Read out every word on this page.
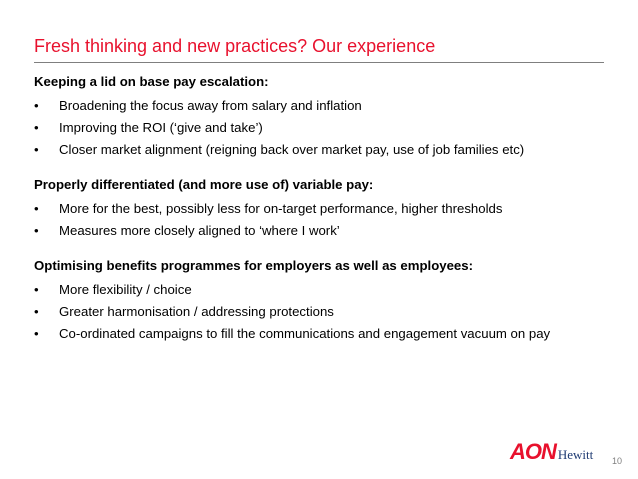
Fresh thinking and new practices? Our experience
Keeping a lid on base pay escalation:
•	Broadening the focus away from salary and inflation
•	Improving the ROI (‘give and take’)
•	Closer market alignment (reigning back over market pay, use of job families etc)
Properly differentiated (and more use of) variable pay:
•	More for the best, possibly less for on-target performance, higher thresholds
•	Measures more closely aligned to ‘where I work’
Optimising benefits programmes for employers as well as employees:
•	More flexibility / choice
•	Greater harmonisation / addressing protections
•	Co-ordinated campaigns to fill the communications and engagement vacuum on pay
AON Hewitt 10
